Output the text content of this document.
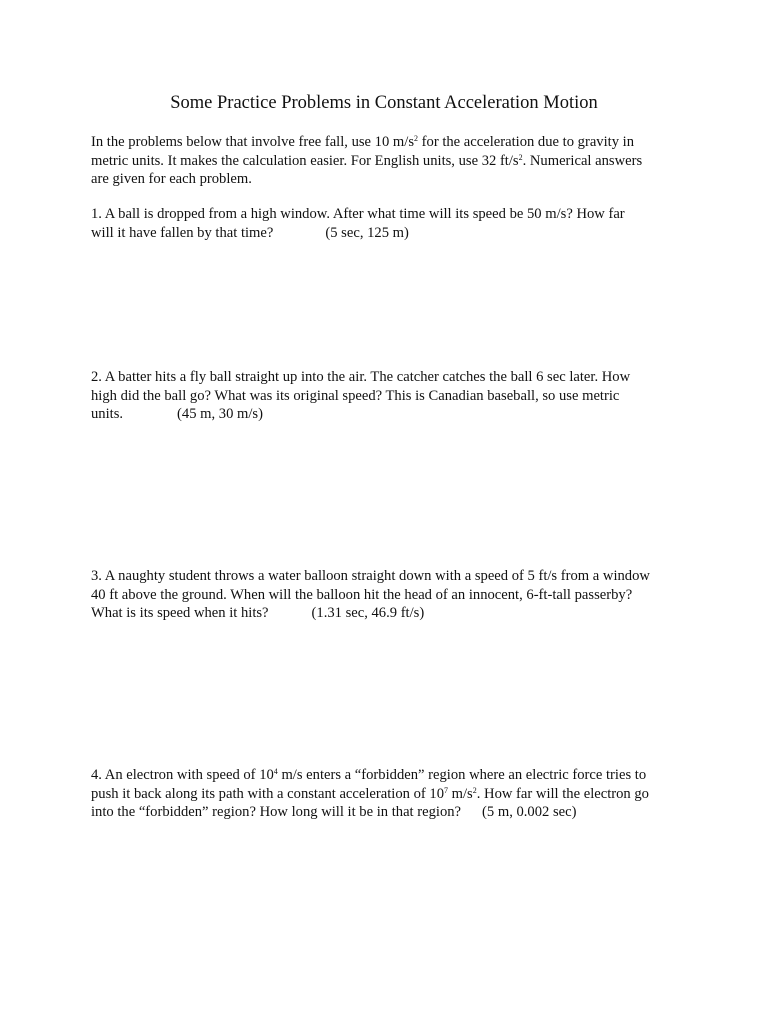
Some Practice Problems in Constant Acceleration Motion
In the problems below that involve free fall, use 10 $m/s^2$ for the acceleration due to gravity in
metric units. It makes the calculation easier. For English units, use 32 $ft/s^2$. Numerical answers
are given for each problem.
1. A ball is dropped from a high window. After what time will its speed be 50 m/s? How far
will it have fallen by that time?	(5 sec, 125 m)
2. A batter hits a fly ball straight up into the air. The catcher catches the ball 6 sec later. How
high did the ball go? What was its original speed? This is Canadian baseball, so use metric
units.	(45 m, 30 m/s)
3. A naughty student throws a water balloon straight down with a speed of 5 ft/s from a window
40 ft above the ground. When will the balloon hit the head of an innocent, 6-ft-tall passerby?
What is its speed when it hits?	(1.31 sec, 46.9 ft/s)
4. An electron with speed of $10^4$ m/s enters a “forbidden” region where an electric force tries to
push it back along its path with a constant acceleration of $10^7$ $m/s^2$. How far will the electron go
into the “forbidden” region? How long will it be in that region? (5 m, 0.002 sec)
